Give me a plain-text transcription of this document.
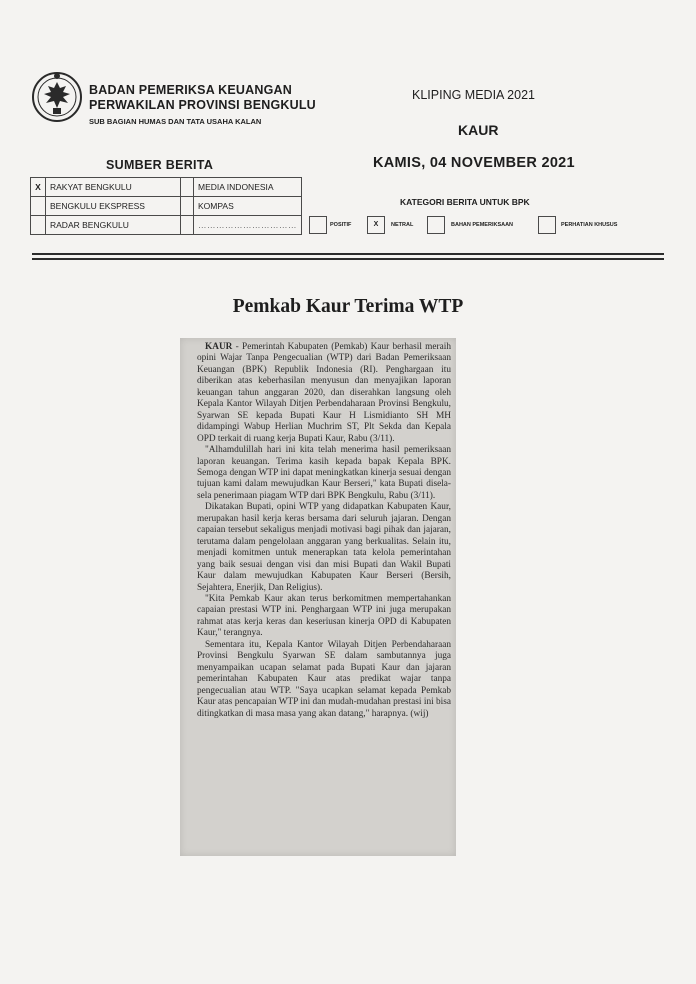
BADAN PEMERIKSA KEUANGAN
PERWAKILAN PROVINSI BENGKULU
SUB BAGIAN HUMAS DAN TATA USAHA KALAN
KLIPING MEDIA 2021
KAUR
KAMIS, 04 NOVEMBER 2021
SUMBER BERITA
X	RAKYAT BENGKULU		MEDIA INDONESIA
	BENGKULU EKSPRESS		KOMPAS
	RADAR BENGKULU		……………………………
KATEGORI BERITA UNTUK BPK
POSITIF	X	NETRAL	BAHAN PEMERIKSAAN	PERHATIAN KHUSUS
Pemkab Kaur Terima WTP

KAUR - Pemerintah Kabupaten (Pemkab) Kaur berhasil meraih opini Wajar Tanpa Pengecualian (WTP) dari Badan Pemeriksaan Keuangan (BPK) Republik Indonesia (RI). Penghargaan itu diberikan atas keberhasilan menyusun dan menyajikan laporan keuangan tahun anggaran 2020, dan diserahkan langsung oleh Kepala Kantor Wilayah Ditjen Perbendaharaan Provinsi Bengkulu, Syarwan SE kepada Bupati Kaur H Lismidianto SH MH didampingi Wabup Herlian Muchrim ST, Plt Sekda dan Kepala OPD terkait di ruang kerja Bupati Kaur, Rabu (3/11).

"Alhamdulillah hari ini kita telah menerima hasil pemeriksaan laporan keuangan. Terima kasih kepada bapak Kepala BPK. Semoga dengan WTP ini dapat meningkatkan kinerja sesuai dengan tujuan kami dalam mewujudkan Kaur Berseri," kata Bupati disela-sela penerimaan piagam WTP dari BPK Bengkulu, Rabu (3/11).

Dikatakan Bupati, opini WTP yang didapatkan Kabupaten Kaur, merupakan hasil kerja keras bersama dari seluruh jajaran. Dengan capaian tersebut sekaligus menjadi motivasi bagi pihak dan jajaran, terutama dalam pengelolaan anggaran yang berkualitas. Selain itu, menjadi komitmen untuk menerapkan tata kelola pemerintahan yang baik sesuai dengan visi dan misi Bupati dan Wakil Bupati Kaur dalam mewujudkan Kabupaten Kaur Berseri (Bersih, Sejahtera, Enerjik, Dan Religius).

"Kita Pemkab Kaur akan terus berkomitmen mempertahankan capaian prestasi WTP ini. Penghargaan WTP ini juga merupakan rahmat atas kerja keras dan keseriusan kinerja OPD di Kabupaten Kaur," terangnya.

Sementara itu, Kepala Kantor Wilayah Ditjen Perbendaharaan Provinsi Bengkulu Syarwan SE dalam sambutannya juga menyampaikan ucapan selamat pada Bupati Kaur dan jajaran pemerintahan Kabupaten Kaur atas predikat wajar tanpa pengecualian atau WTP. "Saya ucapkan selamat kepada Pemkab Kaur atas pencapaian WTP ini dan mudah-mudahan prestasi ini bisa ditingkatkan di masa masa yang akan datang," harapnya. (wij)
